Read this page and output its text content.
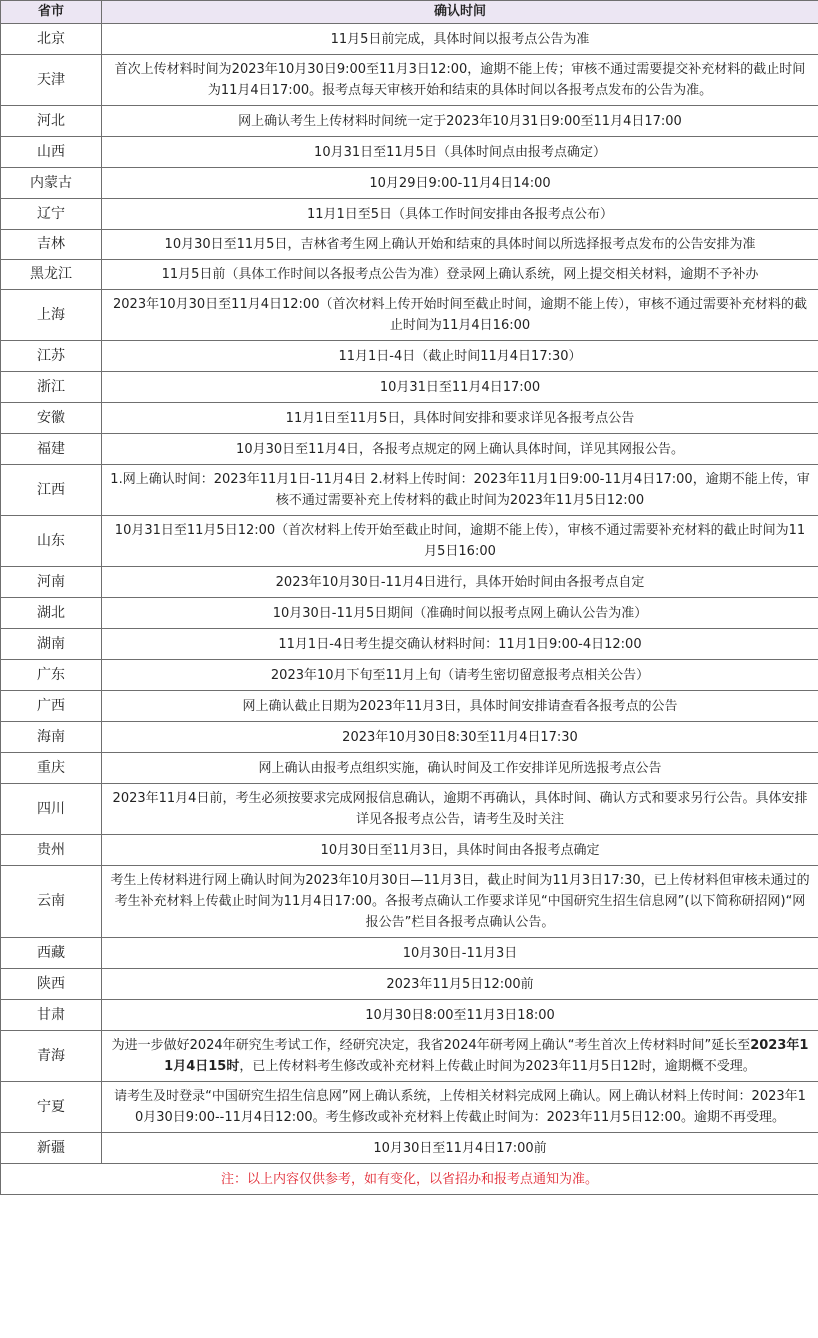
省市	确认时间
北京	11月5日前完成，具体时间以报考点公告为准
天津	首次上传材料时间为2023年10月30日9:00至11月3日12:00，逾期不能上传；审核不通过需要提交补充材料的截止时间为11月4日17:00。报考点每天审核开始和结束的具体时间以各报考点发布的公告为准。
河北	网上确认考生上传材料时间统一定于2023年10月31日9:00至11月4日17:00
山西	10月31日至11月5日（具体时间点由报考点确定）
内蒙古	10月29日9:00-11月4日14:00
辽宁	11月1日至5日（具体工作时间安排由各报考点公布）
吉林	10月30日至11月5日，吉林省考生网上确认开始和结束的具体时间以所选择报考点发布的公告安排为准
黑龙江	11月5日前（具体工作时间以各报考点公告为准）登录网上确认系统，网上提交相关材料，逾期不予补办
上海	2023年10月30日至11月4日12:00（首次材料上传开始时间至截止时间，逾期不能上传），审核不通过需要补充材料的截止时间为11月4日16:00
江苏	11月1日-4日（截止时间11月4日17:30）
浙江	10月31日至11月4日17:00
安徽	11月1日至11月5日，具体时间安排和要求详见各报考点公告
福建	10月30日至11月4日，各报考点规定的网上确认具体时间，详见其网报公告。
江西	1.网上确认时间：2023年11月1日-11月4日 2.材料上传时间：2023年11月1日9:00-11月4日17:00，逾期不能上传，审核不通过需要补充上传材料的截止时间为2023年11月5日12:00
山东	10月31日至11月5日12:00（首次材料上传开始至截止时间，逾期不能上传），审核不通过需要补充材料的截止时间为11月5日16:00
河南	2023年10月30日-11月4日进行，具体开始时间由各报考点自定
湖北	10月30日-11月5日期间（准确时间以报考点网上确认公告为准）
湖南	11月1日-4日考生提交确认材料时间：11月1日9:00-4日12:00
广东	2023年10月下旬至11月上旬（请考生密切留意报考点相关公告）
广西	网上确认截止日期为2023年11月3日，具体时间安排请查看各报考点的公告
海南	2023年10月30日8:30至11月4日17:30
重庆	网上确认由报考点组织实施，确认时间及工作安排详见所选报考点公告
四川	2023年11月4日前，考生必须按要求完成网报信息确认，逾期不再确认，具体时间、确认方式和要求另行公告。具体安排详见各报考点公告，请考生及时关注
贵州	10月30日至11月3日，具体时间由各报考点确定
云南	考生上传材料进行网上确认时间为2023年10月30日—11月3日，截止时间为11月3日17:30，已上传材料但审核未通过的考生补充材料上传截止时间为11月4日17:00。各报考点确认工作要求详见“中国研究生招生信息网”(以下简称研招网)“网报公告”栏目各报考点确认公告。
西藏	10月30日-11月3日
陕西	2023年11月5日12:00前
甘肃	10月30日8:00至11月3日18:00
青海	为进一步做好2024年研究生考试工作，经研究决定，我省2024年研考网上确认“考生首次上传材料时间”延长至2023年11月4日15时，已上传材料考生修改或补充材料上传截止时间为2023年11月5日12时，逾期概不受理。
宁夏	请考生及时登录“中国研究生招生信息网”网上确认系统，上传相关材料完成网上确认。网上确认材料上传时间：2023年10月30日9:00--11月4日12:00。考生修改或补充材料上传截止时间为：2023年11月5日12:00。逾期不再受理。
新疆	10月30日至11月4日17:00前
注：以上内容仅供参考，如有变化，以省招办和报考点通知为准。	
